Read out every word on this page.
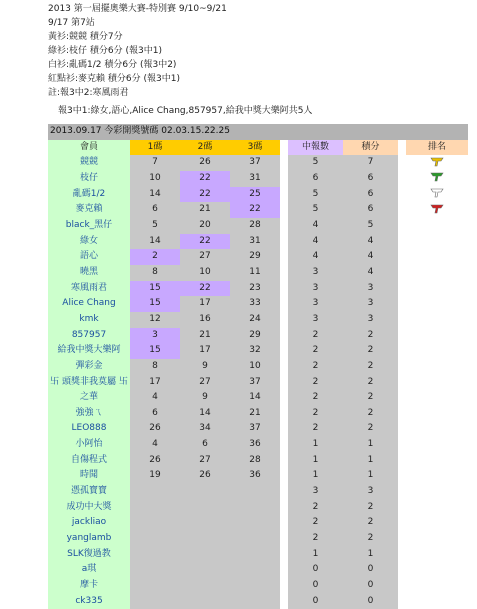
2013 第一屆擺奧樂大賽-特別賽 9/10~9/21
9/17 第7站
黃衫:競競 積分7分
綠衫:枝仔 積分6分 (報3中1)
白衫:亂碼1/2 積分6分 (報3中2)
紅點衫:麥克賴 積分6分 (報3中1)
註:報3中2:寒風雨君
報3中1:綠女,語心,Alice Chang,857957,給我中獎大樂阿共5人
2013.09.17 今彩開獎號碼 02.03.15.22.25								
會員	1碼	2碼	3碼		中報數	積分		排名
競競	7	26	37		5	7		
枝仔	10	22	31		6	6		
亂碼1/2	14	22	25		5	6		
麥克賴	6	21	22		5	6		
black_黑仔	5	20	28		4	5		
綠女	14	22	31		4	4		
語心	2	27	29		4	4		
曉黑	8	10	11		3	4		
寒風雨君	15	22	23		3	3		
Alice Chang	15	17	33		3	3		
kmk	12	16	24		3	3		
857957	3	21	29		2	2		
給我中獎大樂阿	15	17	32		2	2		
彈彩金	8	9	10		2	2		
卐 頭獎非我莫屬 卐	17	27	37		2	2		
之華	4	9	14		2	2		
強強ㄟ	6	14	21		2	2		
LEO888	26	34	37		2	2		
小阿怡	4	6	36		1	1		
自傷程式	26	27	28		1	1		
時聞	19	26	36		1	1		
憑孤寶寶					3	3		
成功中大獎					2	2		
jackliao					2	2		
yanglamb					2	2		
SLK復過教					1	1		
a琪					0	0		
摩卡					0	0		
ck335					0	0		
